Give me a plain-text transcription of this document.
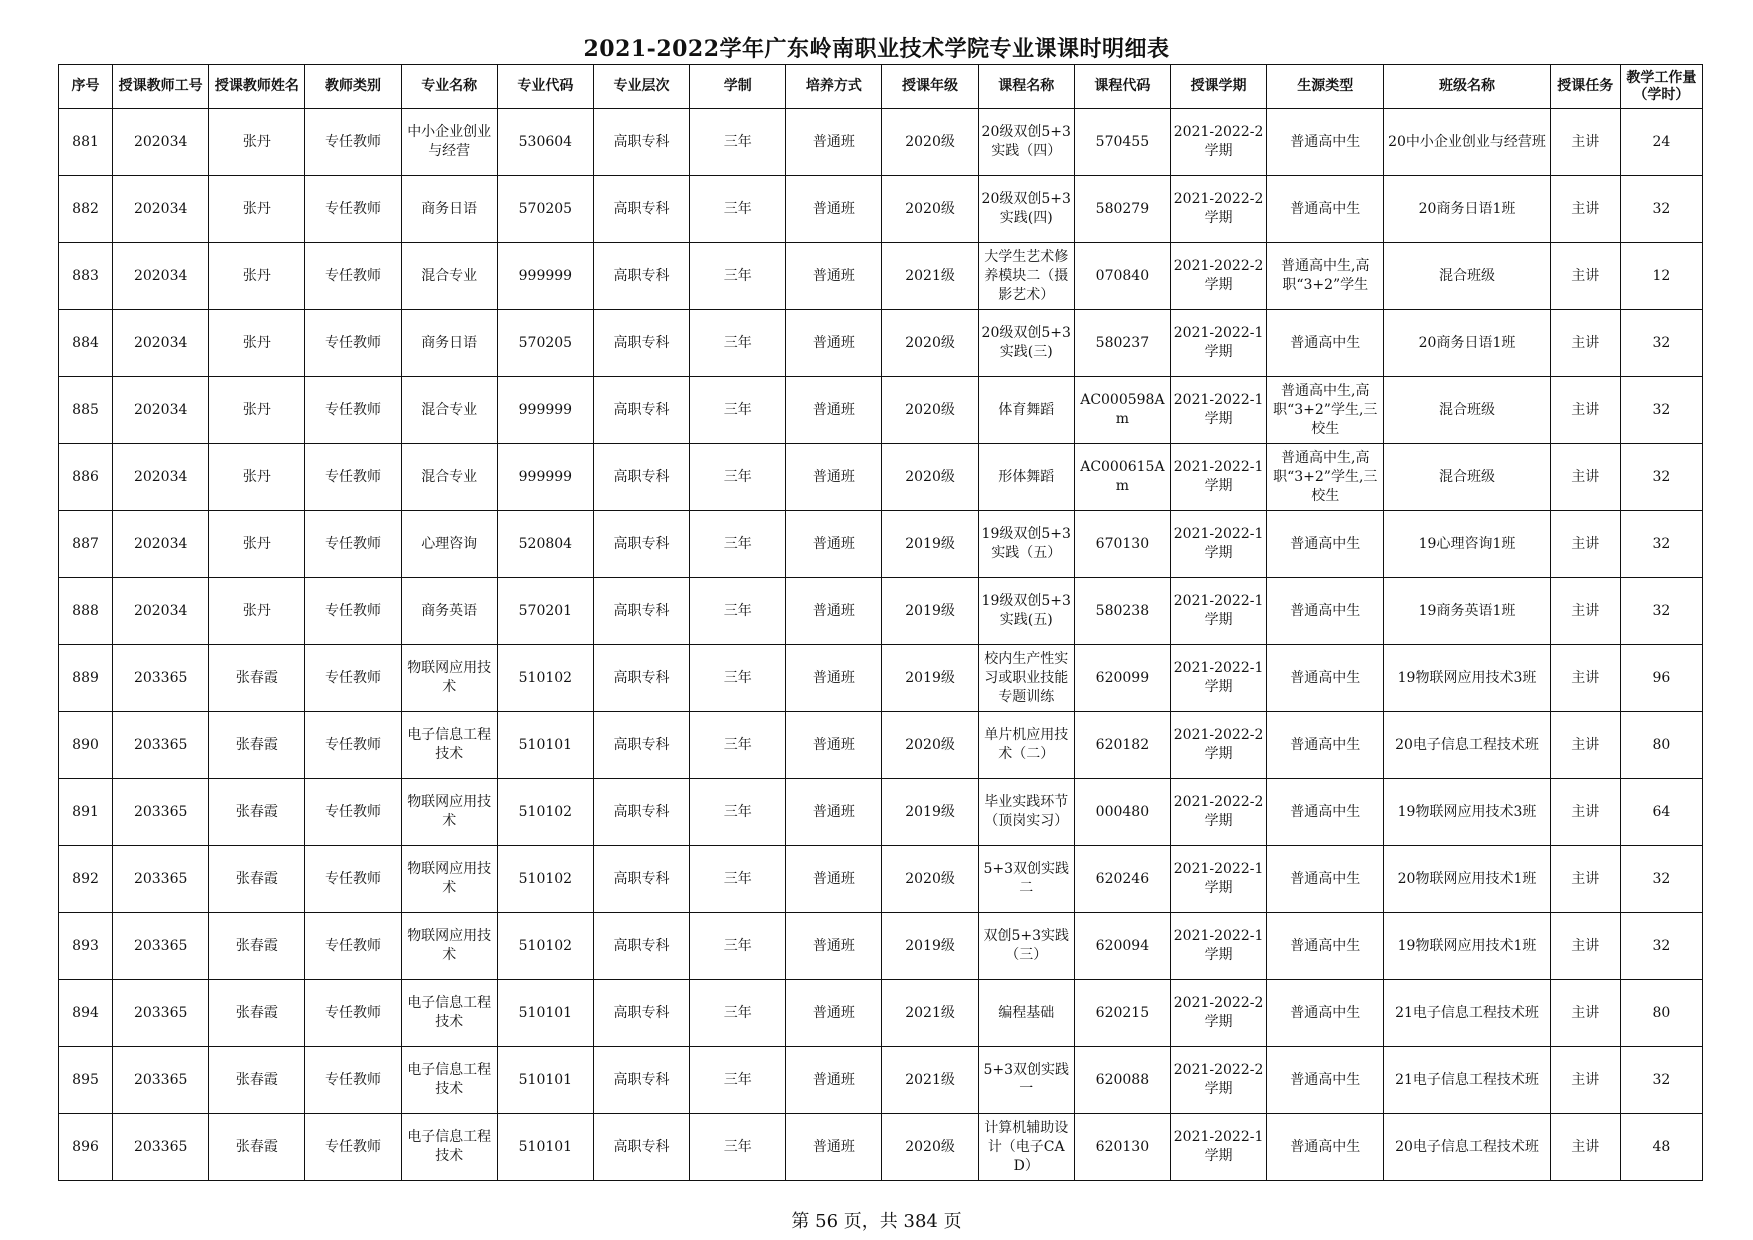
2021-2022学年广东岭南职业技术学院专业课课时明细表
序号	授课教师工号	授课教师姓名	教师类别	专业名称	专业代码	专业层次	学制	培养方式	授课年级	课程名称	课程代码	授课学期	生源类型	班级名称	授课任务	教学工作量（学时）

881	202034	张丹	专任教师	中小企业创业与经营	530604	高职专科	三年	普通班	2020级	20级双创5+3实践（四）	570455	2021-2022-2学期	普通高中生	20中小企业创业与经营班	主讲	24

882	202034	张丹	专任教师	商务日语	570205	高职专科	三年	普通班	2020级	20级双创5+3实践(四)	580279	2021-2022-2学期	普通高中生	20商务日语1班	主讲	32

883	202034	张丹	专任教师	混合专业	999999	高职专科	三年	普通班	2021级	大学生艺术修养模块二（摄影艺术）	070840	2021-2022-2学期	普通高中生,高职“3+2”学生	混合班级	主讲	12

884	202034	张丹	专任教师	商务日语	570205	高职专科	三年	普通班	2020级	20级双创5+3实践(三)	580237	2021-2022-1学期	普通高中生	20商务日语1班	主讲	32

885	202034	张丹	专任教师	混合专业	999999	高职专科	三年	普通班	2020级	体育舞蹈	AC000598Am	2021-2022-1学期	普通高中生,高职“3+2”学生,三校生	混合班级	主讲	32

886	202034	张丹	专任教师	混合专业	999999	高职专科	三年	普通班	2020级	形体舞蹈	AC000615Am	2021-2022-1学期	普通高中生,高职“3+2”学生,三校生	混合班级	主讲	32

887	202034	张丹	专任教师	心理咨询	520804	高职专科	三年	普通班	2019级	19级双创5+3实践（五）	670130	2021-2022-1学期	普通高中生	19心理咨询1班	主讲	32

888	202034	张丹	专任教师	商务英语	570201	高职专科	三年	普通班	2019级	19级双创5+3实践(五)	580238	2021-2022-1学期	普通高中生	19商务英语1班	主讲	32

889	203365	张春霞	专任教师	物联网应用技术	510102	高职专科	三年	普通班	2019级	校内生产性实习或职业技能专题训练	620099	2021-2022-1学期	普通高中生	19物联网应用技术3班	主讲	96

890	203365	张春霞	专任教师	电子信息工程技术	510101	高职专科	三年	普通班	2020级	单片机应用技术（二）	620182	2021-2022-2学期	普通高中生	20电子信息工程技术班	主讲	80

891	203365	张春霞	专任教师	物联网应用技术	510102	高职专科	三年	普通班	2019级	毕业实践环节（顶岗实习）	000480	2021-2022-2学期	普通高中生	19物联网应用技术3班	主讲	64

892	203365	张春霞	专任教师	物联网应用技术	510102	高职专科	三年	普通班	2020级	5+3双创实践二	620246	2021-2022-1学期	普通高中生	20物联网应用技术1班	主讲	32

893	203365	张春霞	专任教师	物联网应用技术	510102	高职专科	三年	普通班	2019级	双创5+3实践（三）	620094	2021-2022-1学期	普通高中生	19物联网应用技术1班	主讲	32

894	203365	张春霞	专任教师	电子信息工程技术	510101	高职专科	三年	普通班	2021级	编程基础	620215	2021-2022-2学期	普通高中生	21电子信息工程技术班	主讲	80

895	203365	张春霞	专任教师	电子信息工程技术	510101	高职专科	三年	普通班	2021级	5+3双创实践一	620088	2021-2022-2学期	普通高中生	21电子信息工程技术班	主讲	32

896	203365	张春霞	专任教师	电子信息工程技术	510101	高职专科	三年	普通班	2020级	计算机辅助设计（电子CAD）	620130	2021-2022-1学期	普通高中生	20电子信息工程技术班	主讲	48
第 56 页，共 384 页
